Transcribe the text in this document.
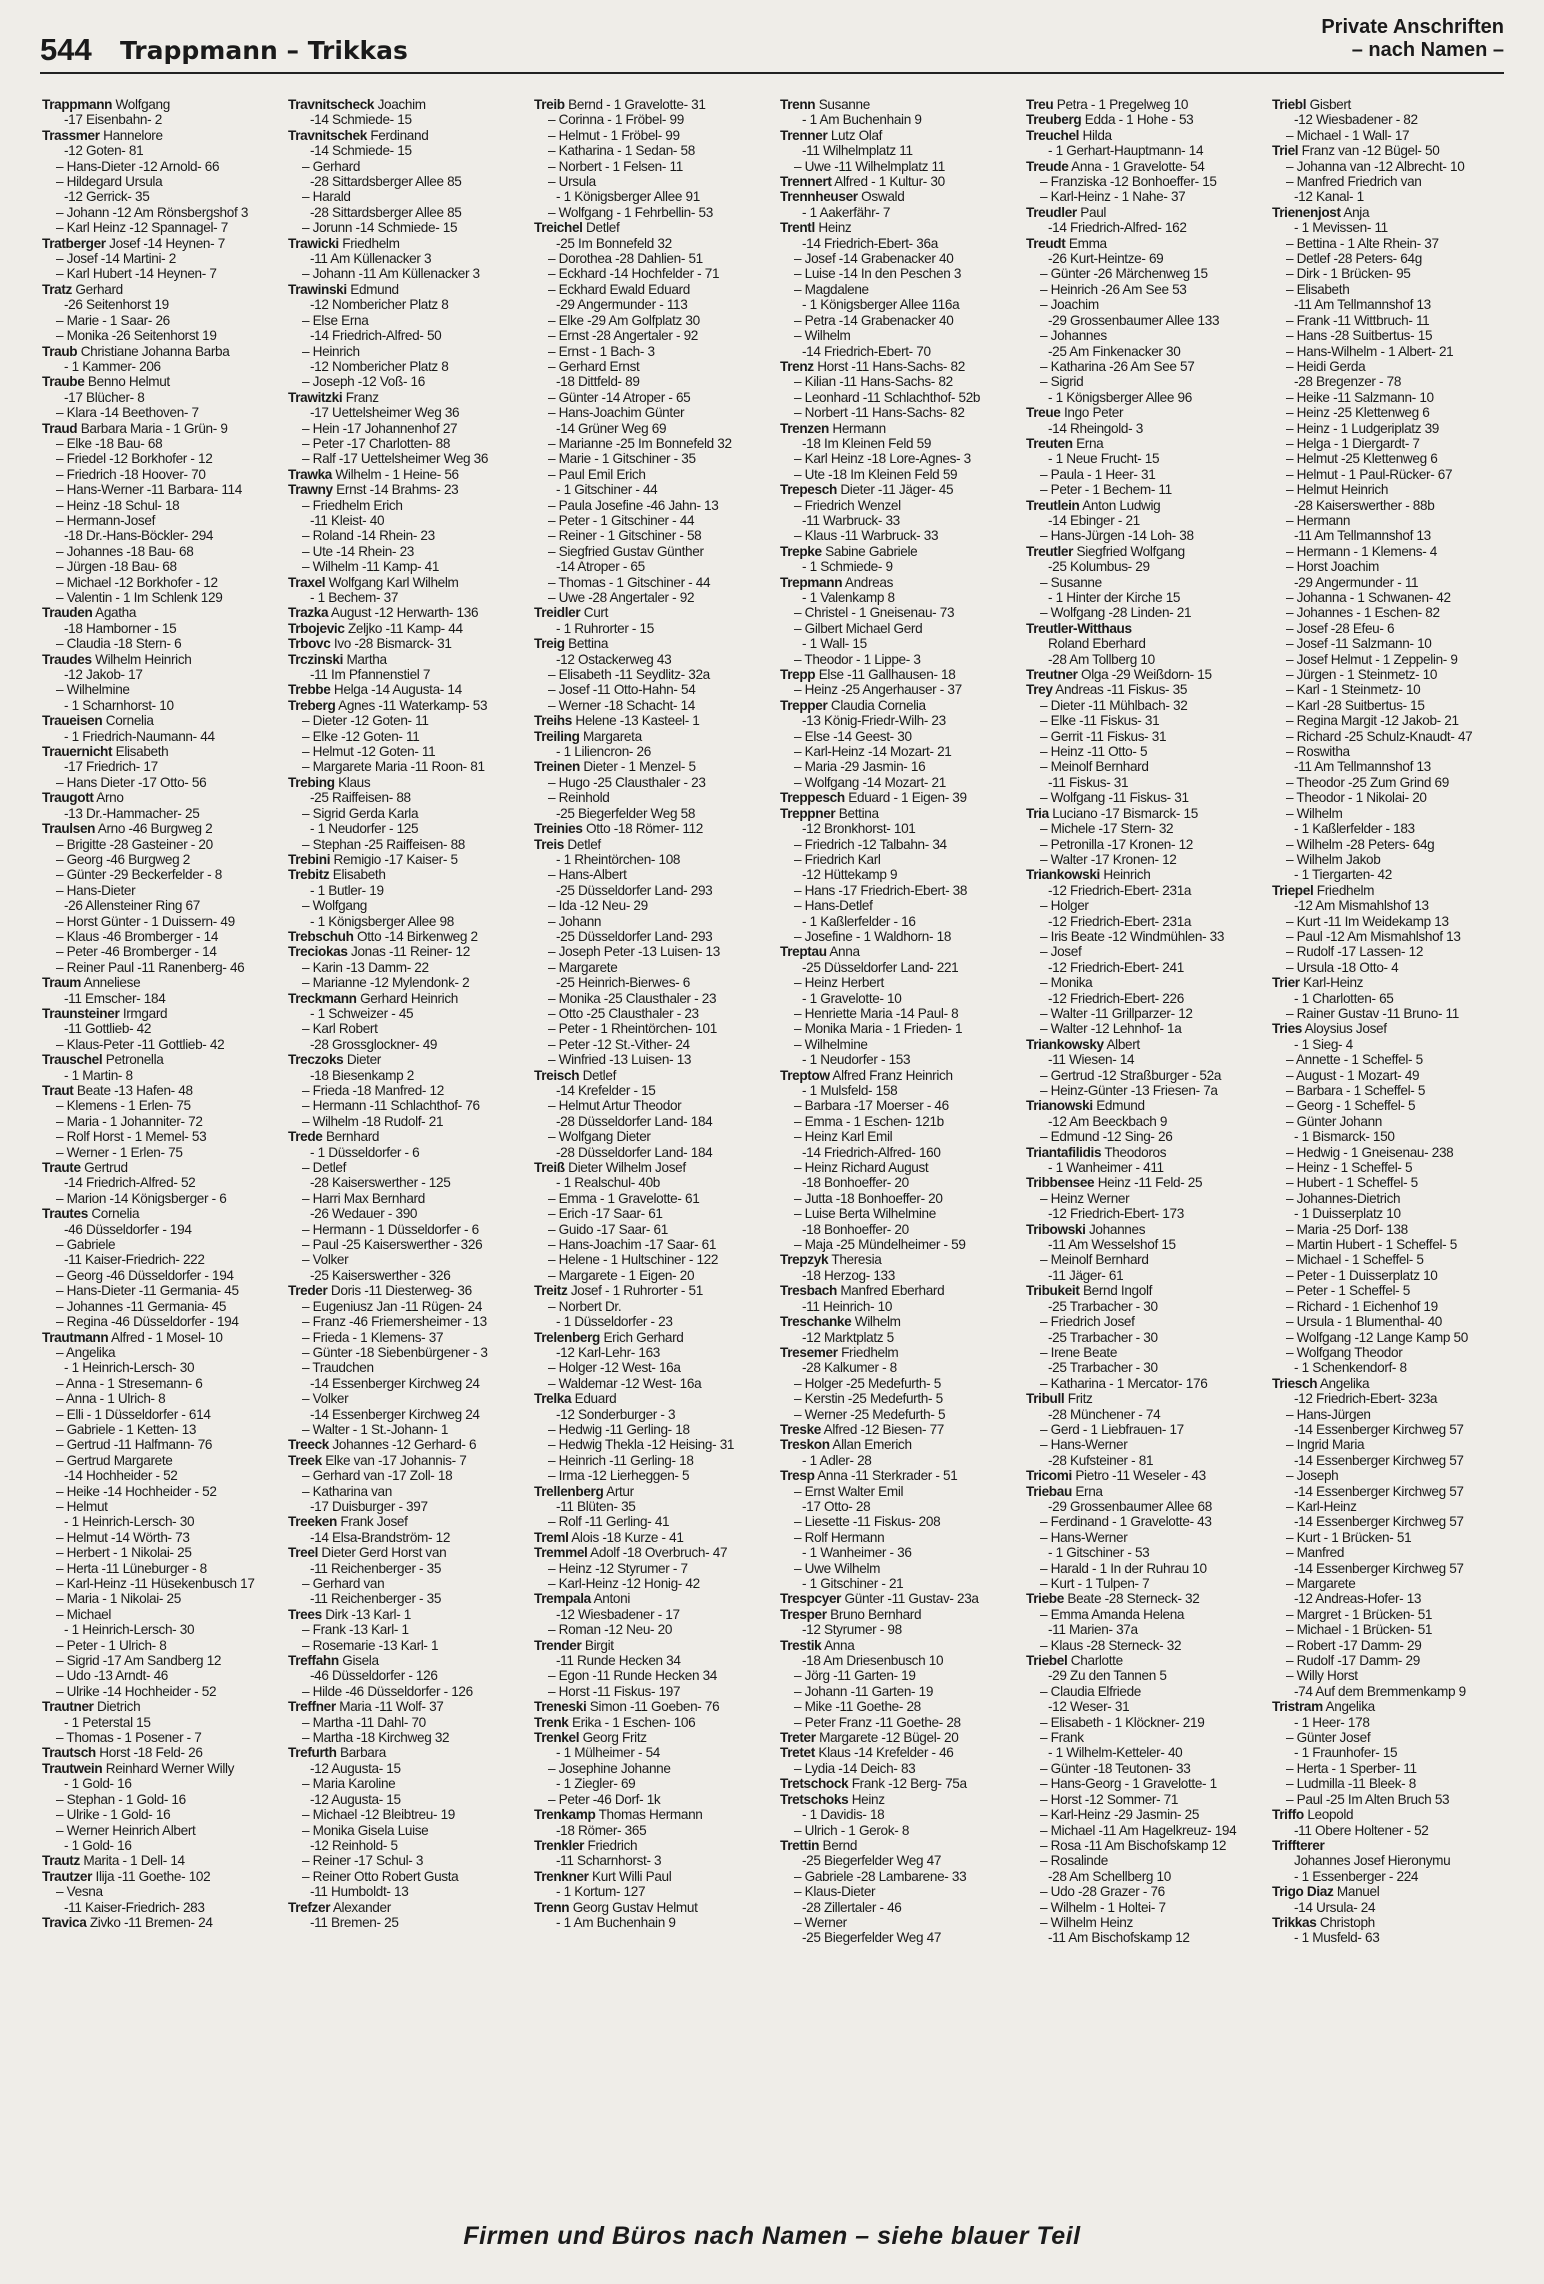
544 Trappmann – Trikkas
Private Anschriften
– nach Namen –
Trappmann Wolfgang
-17 Eisenbahn- 2
Trassmer Hannelore
-12 Goten- 81
– Hans-Dieter -12 Arnold- 66
– Hildegard Ursula
-12 Gerrick- 35
– Johann -12 Am Rönsbergshof 3
– Karl Heinz -12 Spannagel- 7
Tratberger Josef -14 Heynen- 7
– Josef -14 Martini- 2
– Karl Hubert -14 Heynen- 7
Tratz Gerhard
-26 Seitenhorst 19
– Marie - 1 Saar- 26
– Monika -26 Seitenhorst 19
Traub Christiane Johanna Barba
- 1 Kammer- 206
Traube Benno Helmut
-17 Blücher- 8
– Klara -14 Beethoven- 7
Traud Barbara Maria - 1 Grün- 9
– Elke -18 Bau- 68
– Friedel -12 Borkhofer - 12
– Friedrich -18 Hoover- 70
– Hans-Werner -11 Barbara- 114
– Heinz -18 Schul- 18
– Hermann-Josef
-18 Dr.-Hans-Böckler- 294
– Johannes -18 Bau- 68
– Jürgen -18 Bau- 68
– Michael -12 Borkhofer - 12
– Valentin - 1 Im Schlenk 129
Trauden Agatha
-18 Hamborner - 15
– Claudia -18 Stern- 6
Traudes Wilhelm Heinrich
-12 Jakob- 17
– Wilhelmine
- 1 Scharnhorst- 10
Traueisen Cornelia
- 1 Friedrich-Naumann- 44
Trauernicht Elisabeth
-17 Friedrich- 17
– Hans Dieter -17 Otto- 56
Traugott Arno
-13 Dr.-Hammacher- 25
Traulsen Arno -46 Burgweg 2
– Brigitte -28 Gasteiner - 20
– Georg -46 Burgweg 2
– Günter -29 Beckerfelder - 8
– Hans-Dieter
-26 Allensteiner Ring 67
– Horst Günter - 1 Duissern- 49
– Klaus -46 Bromberger - 14
– Peter -46 Bromberger - 14
– Reiner Paul -11 Ranenberg- 46
Traum Anneliese
-11 Emscher- 184
Traunsteiner Irmgard
-11 Gottlieb- 42
– Klaus-Peter -11 Gottlieb- 42
Trauschel Petronella
- 1 Martin- 8
Traut Beate -13 Hafen- 48
– Klemens - 1 Erlen- 75
– Maria - 1 Johanniter- 72
– Rolf Horst - 1 Memel- 53
– Werner - 1 Erlen- 75
Traute Gertrud
-14 Friedrich-Alfred- 52
– Marion -14 Königsberger - 6
Trautes Cornelia
-46 Düsseldorfer - 194
– Gabriele
-11 Kaiser-Friedrich- 222
– Georg -46 Düsseldorfer - 194
– Hans-Dieter -11 Germania- 45
– Johannes -11 Germania- 45
– Regina -46 Düsseldorfer - 194
Trautmann Alfred - 1 Mosel- 10
– Angelika
- 1 Heinrich-Lersch- 30
– Anna - 1 Stresemann- 6
– Anna - 1 Ulrich- 8
– Elli - 1 Düsseldorfer - 614
– Gabriele - 1 Ketten- 13
– Gertrud -11 Halfmann- 76
– Gertrud Margarete
-14 Hochheider - 52
– Heike -14 Hochheider - 52
– Helmut
- 1 Heinrich-Lersch- 30
– Helmut -14 Wörth- 73
– Herbert - 1 Nikolai- 25
– Herta -11 Lüneburger - 8
– Karl-Heinz -11 Hüsekenbusch 17
– Maria - 1 Nikolai- 25
– Michael
- 1 Heinrich-Lersch- 30
– Peter - 1 Ulrich- 8
– Sigrid -17 Am Sandberg 12
– Udo -13 Arndt- 46
– Ulrike -14 Hochheider - 52
Trautner Dietrich
- 1 Peterstal 15
– Thomas - 1 Posener - 7
Trautsch Horst -18 Feld- 26
Trautwein Reinhard Werner Willy
- 1 Gold- 16
– Stephan - 1 Gold- 16
– Ulrike - 1 Gold- 16
– Werner Heinrich Albert
- 1 Gold- 16
Trautz Marita - 1 Dell- 14
Trautzer Ilija -11 Goethe- 102
– Vesna
-11 Kaiser-Friedrich- 283
Travica Zivko -11 Bremen- 24
Travnitscheck Joachim
-14 Schmiede- 15
Travnitschek Ferdinand
-14 Schmiede- 15
– Gerhard
-28 Sittardsberger Allee 85
– Harald
-28 Sittardsberger Allee 85
– Jorunn -14 Schmiede- 15
Trawicki Friedhelm
-11 Am Küllenacker 3
– Johann -11 Am Küllenacker 3
Trawinski Edmund
-12 Nombericher Platz 8
– Else Erna
-14 Friedrich-Alfred- 50
– Heinrich
-12 Nombericher Platz 8
– Joseph -12 Voß- 16
Trawitzki Franz
-17 Uettelsheimer Weg 36
– Hein -17 Johannenhof 27
– Peter -17 Charlotten- 88
– Ralf -17 Uettelsheimer Weg 36
Trawka Wilhelm - 1 Heine- 56
Trawny Ernst -14 Brahms- 23
– Friedhelm Erich
-11 Kleist- 40
– Roland -14 Rhein- 23
– Ute -14 Rhein- 23
– Wilhelm -11 Kamp- 41
Traxel Wolfgang Karl Wilhelm
- 1 Bechem- 37
Trazka August -12 Herwarth- 136
Trbojevic Zeljko -11 Kamp- 44
Trbovc Ivo -28 Bismarck- 31
Trczinski Martha
-11 Im Pfannenstiel 7
Trebbe Helga -14 Augusta- 14
Treberg Agnes -11 Waterkamp- 53
– Dieter -12 Goten- 11
– Elke -12 Goten- 11
– Helmut -12 Goten- 11
– Margarete Maria -11 Roon- 81
Trebing Klaus
-25 Raiffeisen- 88
– Sigrid Gerda Karla
- 1 Neudorfer - 125
– Stephan -25 Raiffeisen- 88
Trebini Remigio -17 Kaiser- 5
Trebitz Elisabeth
- 1 Butler- 19
– Wolfgang
- 1 Königsberger Allee 98
Trebschuh Otto -14 Birkenweg 2
Treciokas Jonas -11 Reiner- 12
– Karin -13 Damm- 22
– Marianne -12 Mylendonk- 2
Treckmann Gerhard Heinrich
- 1 Schweizer - 45
– Karl Robert
-28 Grossglockner- 49
Treczoks Dieter
-18 Biesenkamp 2
– Frieda -18 Manfred- 12
– Hermann -11 Schlachthof- 76
– Wilhelm -18 Rudolf- 21
Trede Bernhard
- 1 Düsseldorfer - 6
– Detlef
-28 Kaiserswerther - 125
– Harri Max Bernhard
-26 Wedauer - 390
– Hermann - 1 Düsseldorfer - 6
– Paul -25 Kaiserswerther - 326
– Volker
-25 Kaiserswerther - 326
Treder Doris -11 Diesterweg- 36
– Eugeniusz Jan -11 Rügen- 24
– Franz -46 Friemersheimer - 13
– Frieda - 1 Klemens- 37
– Günter -18 Siebenbürgener - 3
– Traudchen
-14 Essenberger Kirchweg 24
– Volker
-14 Essenberger Kirchweg 24
– Walter - 1 St.-Johann- 1
Treeck Johannes -12 Gerhard- 6
Treek Elke van -17 Johannis- 7
– Gerhard van -17 Zoll- 18
– Katharina van
-17 Duisburger - 397
Treeken Frank Josef
-14 Elsa-Brandström- 12
Treel Dieter Gerd Horst van
-11 Reichenberger - 35
– Gerhard van
-11 Reichenberger - 35
Trees Dirk -13 Karl- 1
– Frank -13 Karl- 1
– Rosemarie -13 Karl- 1
Treffahn Gisela
-46 Düsseldorfer - 126
– Hilde -46 Düsseldorfer - 126
Treffner Maria -11 Wolf- 37
– Martha -11 Dahl- 70
– Martha -18 Kirchweg 32
Trefurth Barbara
-12 Augusta- 15
– Maria Karoline
-12 Augusta- 15
– Michael -12 Bleibtreu- 19
– Monika Gisela Luise
-12 Reinhold- 5
– Reiner -17 Schul- 3
– Reiner Otto Robert Gusta
-11 Humboldt- 13
Trefzer Alexander
-11 Bremen- 25
Treib Bernd - 1 Gravelotte- 31
– Corinna - 1 Fröbel- 99
– Helmut - 1 Fröbel- 99
– Katharina - 1 Sedan- 58
– Norbert - 1 Felsen- 11
– Ursula
- 1 Königsberger Allee 91
– Wolfgang - 1 Fehrbellin- 53
Treichel Detlef
-25 Im Bonnefeld 32
– Dorothea -28 Dahlien- 51
– Eckhard -14 Hochfelder - 71
– Eckhard Ewald Eduard
-29 Angermunder - 113
– Elke -29 Am Golfplatz 30
– Ernst -28 Angertaler - 92
– Ernst - 1 Bach- 3
– Gerhard Ernst
-18 Dittfeld- 89
– Günter -14 Atroper - 65
– Hans-Joachim Günter
-14 Grüner Weg 69
– Marianne -25 Im Bonnefeld 32
– Marie - 1 Gitschiner - 35
– Paul Emil Erich
- 1 Gitschiner - 44
– Paula Josefine -46 Jahn- 13
– Peter - 1 Gitschiner - 44
– Reiner - 1 Gitschiner - 58
– Siegfried Gustav Günther
-14 Atroper - 65
– Thomas - 1 Gitschiner - 44
– Uwe -28 Angertaler - 92
Treidler Curt
- 1 Ruhrorter - 15
Treig Bettina
-12 Ostackerweg 43
– Elisabeth -11 Seydlitz- 32a
– Josef -11 Otto-Hahn- 54
– Werner -18 Schacht- 14
Treihs Helene -13 Kasteel- 1
Treiling Margareta
- 1 Liliencron- 26
Treinen Dieter - 1 Menzel- 5
– Hugo -25 Clausthaler - 23
– Reinhold
-25 Biegerfelder Weg 58
Treinies Otto -18 Römer- 112
Treis Detlef
- 1 Rheintörchen- 108
– Hans-Albert
-25 Düsseldorfer Land- 293
– Ida -12 Neu- 29
– Johann
-25 Düsseldorfer Land- 293
– Joseph Peter -13 Luisen- 13
– Margarete
-25 Heinrich-Bierwes- 6
– Monika -25 Clausthaler - 23
– Otto -25 Clausthaler - 23
– Peter - 1 Rheintörchen- 101
– Peter -12 St.-Vither- 24
– Winfried -13 Luisen- 13
Treisch Detlef
-14 Krefelder - 15
– Helmut Artur Theodor
-28 Düsseldorfer Land- 184
– Wolfgang Dieter
-28 Düsseldorfer Land- 184
Treiß Dieter Wilhelm Josef
- 1 Realschul- 40b
– Emma - 1 Gravelotte- 61
– Erich -17 Saar- 61
– Guido -17 Saar- 61
– Hans-Joachim -17 Saar- 61
– Helene - 1 Hultschiner - 122
– Margarete - 1 Eigen- 20
Treitz Josef - 1 Ruhrorter - 51
– Norbert Dr.
- 1 Düsseldorfer - 23
Trelenberg Erich Gerhard
-12 Karl-Lehr- 163
– Holger -12 West- 16a
– Waldemar -12 West- 16a
Trelka Eduard
-12 Sonderburger - 3
– Hedwig -11 Gerling- 18
– Hedwig Thekla -12 Heising- 31
– Heinrich -11 Gerling- 18
– Irma -12 Lierheggen- 5
Trellenberg Artur
-11 Blüten- 35
– Rolf -11 Gerling- 41
Treml Alois -18 Kurze - 41
Tremmel Adolf -18 Overbruch- 47
– Heinz -12 Styrumer - 7
– Karl-Heinz -12 Honig- 42
Trempala Antoni
-12 Wiesbadener - 17
– Roman -12 Neu- 20
Trender Birgit
-11 Runde Hecken 34
– Egon -11 Runde Hecken 34
– Horst -11 Fiskus- 197
Treneski Simon -11 Goeben- 76
Trenk Erika - 1 Eschen- 106
Trenkel Georg Fritz
- 1 Mülheimer - 54
– Josephine Johanne
- 1 Ziegler- 69
– Peter -46 Dorf- 1k
Trenkamp Thomas Hermann
-18 Römer- 365
Trenkler Friedrich
-11 Scharnhorst- 3
Trenkner Kurt Willi Paul
- 1 Kortum- 127
Trenn Georg Gustav Helmut
- 1 Am Buchenhain 9
Trenn Susanne
- 1 Am Buchenhain 9
Trenner Lutz Olaf
-11 Wilhelmplatz 11
– Uwe -11 Wilhelmplatz 11
Trennert Alfred - 1 Kultur- 30
Trennheuser Oswald
- 1 Aakerfähr- 7
Trentl Heinz
-14 Friedrich-Ebert- 36a
– Josef -14 Grabenacker 40
– Luise -14 In den Peschen 3
– Magdalene
- 1 Königsberger Allee 116a
– Petra -14 Grabenacker 40
– Wilhelm
-14 Friedrich-Ebert- 70
Trenz Horst -11 Hans-Sachs- 82
– Kilian -11 Hans-Sachs- 82
– Leonhard -11 Schlachthof- 52b
– Norbert -11 Hans-Sachs- 82
Trenzen Hermann
-18 Im Kleinen Feld 59
– Karl Heinz -18 Lore-Agnes- 3
– Ute -18 Im Kleinen Feld 59
Trepesch Dieter -11 Jäger- 45
– Friedrich Wenzel
-11 Warbruck- 33
– Klaus -11 Warbruck- 33
Trepke Sabine Gabriele
- 1 Schmiede- 9
Trepmann Andreas
- 1 Valenkamp 8
– Christel - 1 Gneisenau- 73
– Gilbert Michael Gerd
- 1 Wall- 15
– Theodor - 1 Lippe- 3
Trepp Else -11 Gallhausen- 18
– Heinz -25 Angerhauser - 37
Trepper Claudia Cornelia
-13 König-Friedr-Wilh- 23
– Else -14 Geest- 30
– Karl-Heinz -14 Mozart- 21
– Maria -29 Jasmin- 16
– Wolfgang -14 Mozart- 21
Treppesch Eduard - 1 Eigen- 39
Treppner Bettina
-12 Bronkhorst- 101
– Friedrich -12 Talbahn- 34
– Friedrich Karl
-12 Hüttekamp 9
– Hans -17 Friedrich-Ebert- 38
– Hans-Detlef
- 1 Kaßlerfelder - 16
– Josefine - 1 Waldhorn- 18
Treptau Anna
-25 Düsseldorfer Land- 221
– Heinz Herbert
- 1 Gravelotte- 10
– Henriette Maria -14 Paul- 8
– Monika Maria - 1 Frieden- 1
– Wilhelmine
- 1 Neudorfer - 153
Treptow Alfred Franz Heinrich
- 1 Mulsfeld- 158
– Barbara -17 Moerser - 46
– Emma - 1 Eschen- 121b
– Heinz Karl Emil
-14 Friedrich-Alfred- 160
– Heinz Richard August
-18 Bonhoeffer- 20
– Jutta -18 Bonhoeffer- 20
– Luise Berta Wilhelmine
-18 Bonhoeffer- 20
– Maja -25 Mündelheimer - 59
Trepzyk Theresia
-18 Herzog- 133
Tresbach Manfred Eberhard
-11 Heinrich- 10
Treschanke Wilhelm
-12 Marktplatz 5
Tresemer Friedhelm
-28 Kalkumer - 8
– Holger -25 Medefurth- 5
– Kerstin -25 Medefurth- 5
– Werner -25 Medefurth- 5
Treske Alfred -12 Biesen- 77
Treskon Allan Emerich
- 1 Adler- 28
Tresp Anna -11 Sterkrader - 51
– Ernst Walter Emil
-17 Otto- 28
– Liesette -11 Fiskus- 208
– Rolf Hermann
- 1 Wanheimer - 36
– Uwe Wilhelm
- 1 Gitschiner - 21
Trespcyer Günter -11 Gustav- 23a
Tresper Bruno Bernhard
-12 Styrumer - 98
Trestik Anna
-18 Am Driesenbusch 10
– Jörg -11 Garten- 19
– Johann -11 Garten- 19
– Mike -11 Goethe- 28
– Peter Franz -11 Goethe- 28
Treter Margarete -12 Bügel- 20
Tretet Klaus -14 Krefelder - 46
– Lydia -14 Deich- 83
Tretschock Frank -12 Berg- 75a
Tretschoks Heinz
- 1 Davidis- 18
– Ulrich - 1 Gerok- 8
Trettin Bernd
-25 Biegerfelder Weg 47
– Gabriele -28 Lambarene- 33
– Klaus-Dieter
-28 Zillertaler - 46
– Werner
-25 Biegerfelder Weg 47
Treu Petra - 1 Pregelweg 10
Treuberg Edda - 1 Hohe - 53
Treuchel Hilda
- 1 Gerhart-Hauptmann- 14
Treude Anna - 1 Gravelotte- 54
– Franziska -12 Bonhoeffer- 15
– Karl-Heinz - 1 Nahe- 37
Treudler Paul
-14 Friedrich-Alfred- 162
Treudt Emma
-26 Kurt-Heintze- 69
– Günter -26 Märchenweg 15
– Heinrich -26 Am See 53
– Joachim
-29 Grossenbaumer Allee 133
– Johannes
-25 Am Finkenacker 30
– Katharina -26 Am See 57
– Sigrid
- 1 Königsberger Allee 96
Treue Ingo Peter
-14 Rheingold- 3
Treuten Erna
- 1 Neue Frucht- 15
– Paula - 1 Heer- 31
– Peter - 1 Bechem- 11
Treutlein Anton Ludwig
-14 Ebinger - 21
– Hans-Jürgen -14 Loh- 38
Treutler Siegfried Wolfgang
-25 Kolumbus- 29
– Susanne
- 1 Hinter der Kirche 15
– Wolfgang -28 Linden- 21
Treutler-Witthaus
Roland Eberhard
-28 Am Tollberg 10
Treutner Olga -29 Weißdorn- 15
Trey Andreas -11 Fiskus- 35
– Dieter -11 Mühlbach- 32
– Elke -11 Fiskus- 31
– Gerrit -11 Fiskus- 31
– Heinz -11 Otto- 5
– Meinolf Bernhard
-11 Fiskus- 31
– Wolfgang -11 Fiskus- 31
Tria Luciano -17 Bismarck- 15
– Michele -17 Stern- 32
– Petronilla -17 Kronen- 12
– Walter -17 Kronen- 12
Triankowski Heinrich
-12 Friedrich-Ebert- 231a
– Holger
-12 Friedrich-Ebert- 231a
– Iris Beate -12 Windmühlen- 33
– Josef
-12 Friedrich-Ebert- 241
– Monika
-12 Friedrich-Ebert- 226
– Walter -11 Grillparzer- 12
– Walter -12 Lehnhof- 1a
Triankowsky Albert
-11 Wiesen- 14
– Gertrud -12 Straßburger - 52a
– Heinz-Günter -13 Friesen- 7a
Trianowski Edmund
-12 Am Beeckbach 9
– Edmund -12 Sing- 26
Triantafilidis Theodoros
- 1 Wanheimer - 411
Tribbensee Heinz -11 Feld- 25
– Heinz Werner
-12 Friedrich-Ebert- 173
Tribowski Johannes
-11 Am Wesselshof 15
– Meinolf Bernhard
-11 Jäger- 61
Tribukeit Bernd Ingolf
-25 Trarbacher - 30
– Friedrich Josef
-25 Trarbacher - 30
– Irene Beate
-25 Trarbacher - 30
– Katharina - 1 Mercator- 176
Tribull Fritz
-28 Münchener - 74
– Gerd - 1 Liebfrauen- 17
– Hans-Werner
-28 Kufsteiner - 81
Tricomi Pietro -11 Weseler - 43
Triebau Erna
-29 Grossenbaumer Allee 68
– Ferdinand - 1 Gravelotte- 43
– Hans-Werner
- 1 Gitschiner - 53
– Harald - 1 In der Ruhrau 10
– Kurt - 1 Tulpen- 7
Triebe Beate -28 Sterneck- 32
– Emma Amanda Helena
-11 Marien- 37a
– Klaus -28 Sterneck- 32
Triebel Charlotte
-29 Zu den Tannen 5
– Claudia Elfriede
-12 Weser- 31
– Elisabeth - 1 Klöckner- 219
– Frank
- 1 Wilhelm-Ketteler- 40
– Günter -18 Teutonen- 33
– Hans-Georg - 1 Gravelotte- 1
– Horst -12 Sommer- 71
– Karl-Heinz -29 Jasmin- 25
– Michael -11 Am Hagelkreuz- 194
– Rosa -11 Am Bischofskamp 12
– Rosalinde
-28 Am Schellberg 10
– Udo -28 Grazer - 76
– Wilhelm - 1 Holtei- 7
– Wilhelm Heinz
-11 Am Bischofskamp 12
Triebl Gisbert
-12 Wiesbadener - 82
– Michael - 1 Wall- 17
Triel Franz van -12 Bügel- 50
– Johanna van -12 Albrecht- 10
– Manfred Friedrich van
-12 Kanal- 1
Trienenjost Anja
- 1 Mevissen- 11
– Bettina - 1 Alte Rhein- 37
– Detlef -28 Peters- 64g
– Dirk - 1 Brücken- 95
– Elisabeth
-11 Am Tellmannshof 13
– Frank -11 Wittbruch- 11
– Hans -28 Suitbertus- 15
– Hans-Wilhelm - 1 Albert- 21
– Heidi Gerda
-28 Bregenzer - 78
– Heike -11 Salzmann- 10
– Heinz -25 Klettenweg 6
– Heinz - 1 Ludgeriplatz 39
– Helga - 1 Diergardt- 7
– Helmut -25 Klettenweg 6
– Helmut - 1 Paul-Rücker- 67
– Helmut Heinrich
-28 Kaiserswerther - 88b
– Hermann
-11 Am Tellmannshof 13
– Hermann - 1 Klemens- 4
– Horst Joachim
-29 Angermunder - 11
– Johanna - 1 Schwanen- 42
– Johannes - 1 Eschen- 82
– Josef -28 Efeu- 6
– Josef -11 Salzmann- 10
– Josef Helmut - 1 Zeppelin- 9
– Jürgen - 1 Steinmetz- 10
– Karl - 1 Steinmetz- 10
– Karl -28 Suitbertus- 15
– Regina Margit -12 Jakob- 21
– Richard -25 Schulz-Knaudt- 47
– Roswitha
-11 Am Tellmannshof 13
– Theodor -25 Zum Grind 69
– Theodor - 1 Nikolai- 20
– Wilhelm
- 1 Kaßlerfelder - 183
– Wilhelm -28 Peters- 64g
– Wilhelm Jakob
- 1 Tiergarten- 42
Triepel Friedhelm
-12 Am Mismahlshof 13
– Kurt -11 Im Weidekamp 13
– Paul -12 Am Mismahlshof 13
– Rudolf -17 Lassen- 12
– Ursula -18 Otto- 4
Trier Karl-Heinz
- 1 Charlotten- 65
– Rainer Gustav -11 Bruno- 11
Tries Aloysius Josef
- 1 Sieg- 4
– Annette - 1 Scheffel- 5
– August - 1 Mozart- 49
– Barbara - 1 Scheffel- 5
– Georg - 1 Scheffel- 5
– Günter Johann
- 1 Bismarck- 150
– Hedwig - 1 Gneisenau- 238
– Heinz - 1 Scheffel- 5
– Hubert - 1 Scheffel- 5
– Johannes-Dietrich
- 1 Duisserplatz 10
– Maria -25 Dorf- 138
– Martin Hubert - 1 Scheffel- 5
– Michael - 1 Scheffel- 5
– Peter - 1 Duisserplatz 10
– Peter - 1 Scheffel- 5
– Richard - 1 Eichenhof 19
– Ursula - 1 Blumenthal- 40
– Wolfgang -12 Lange Kamp 50
– Wolfgang Theodor
- 1 Schenkendorf- 8
Triesch Angelika
-12 Friedrich-Ebert- 323a
– Hans-Jürgen
-14 Essenberger Kirchweg 57
– Ingrid Maria
-14 Essenberger Kirchweg 57
– Joseph
-14 Essenberger Kirchweg 57
– Karl-Heinz
-14 Essenberger Kirchweg 57
– Kurt - 1 Brücken- 51
– Manfred
-14 Essenberger Kirchweg 57
– Margarete
-12 Andreas-Hofer- 13
– Margret - 1 Brücken- 51
– Michael - 1 Brücken- 51
– Robert -17 Damm- 29
– Rudolf -17 Damm- 29
– Willy Horst
-74 Auf dem Bremmenkamp 9
Tristram Angelika
- 1 Heer- 178
– Günter Josef
- 1 Fraunhofer- 15
– Herta - 1 Sperber- 11
– Ludmilla -11 Bleek- 8
– Paul -25 Im Alten Bruch 53
Triffo Leopold
-11 Obere Holtener - 52
Triffterer
Johannes Josef Hieronymu
- 1 Essenberger - 224
Trigo Diaz Manuel
-14 Ursula- 24
Trikkas Christoph
- 1 Musfeld- 63
Firmen und Büros nach Namen – siehe blauer Teil
